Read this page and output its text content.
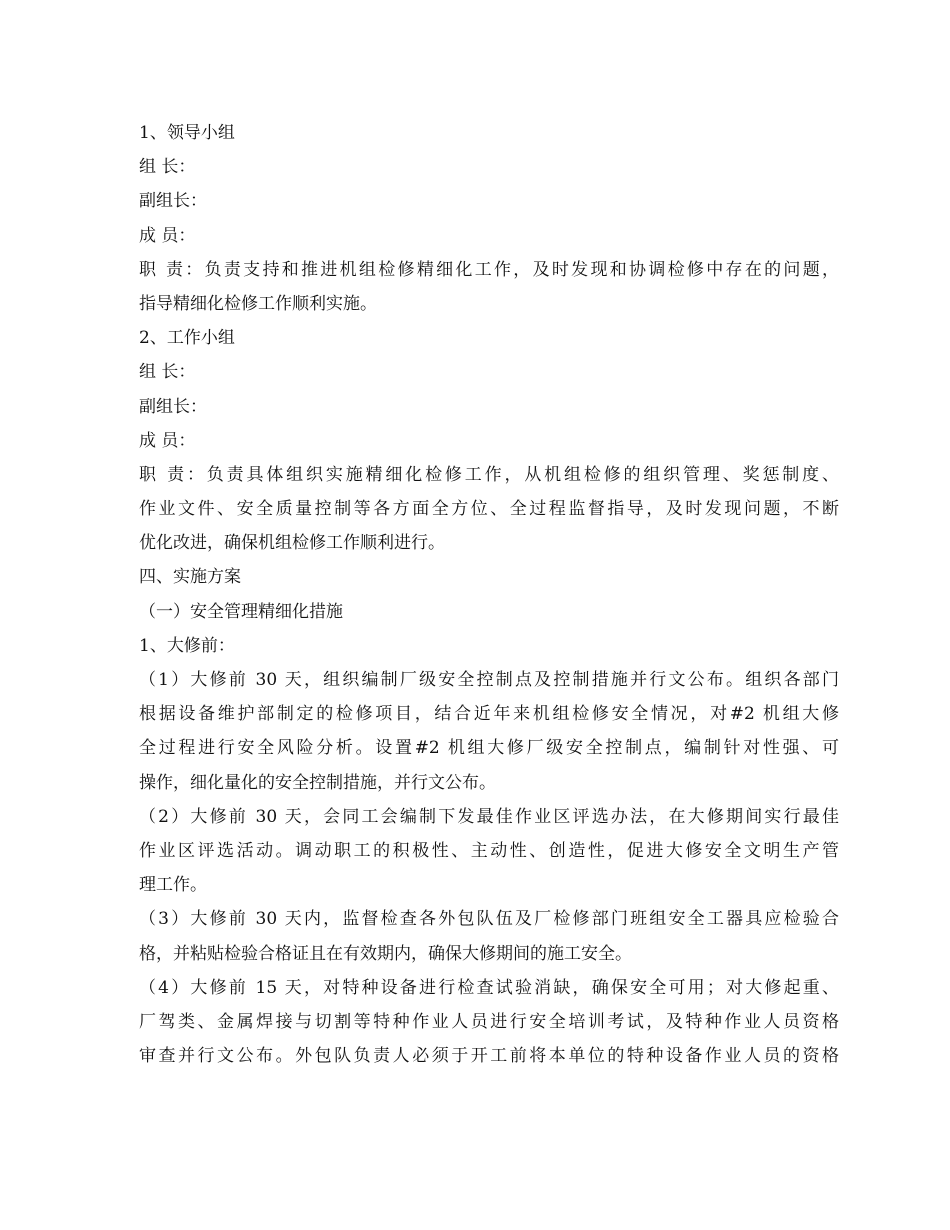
1、领导小组
组 长：
副组长：
成 员：
职 责：负责支持和推进机组检修精细化工作，及时发现和协调检修中存在的问题，
指导精细化检修工作顺利实施。
2、工作小组
组 长：
副组长：
成 员：
职 责：负责具体组织实施精细化检修工作，从机组检修的组织管理、奖惩制度、
作业文件、安全质量控制等各方面全方位、全过程监督指导，及时发现问题，不断
优化改进，确保机组检修工作顺利进行。
四、实施方案
（一）安全管理精细化措施
1、大修前：
（1）大修前 30 天，组织编制厂级安全控制点及控制措施并行文公布。组织各部门
根据设备维护部制定的检修项目，结合近年来机组检修安全情况，对#2 机组大修
全过程进行安全风险分析。设置#2 机组大修厂级安全控制点，编制针对性强、可
操作，细化量化的安全控制措施，并行文公布。
（2）大修前 30 天，会同工会编制下发最佳作业区评选办法，在大修期间实行最佳
作业区评选活动。调动职工的积极性、主动性、创造性，促进大修安全文明生产管
理工作。
（3）大修前 30 天内，监督检查各外包队伍及厂检修部门班组安全工器具应检验合
格，并粘贴检验合格证且在有效期内，确保大修期间的施工安全。
（4）大修前 15 天，对特种设备进行检查试验消缺，确保安全可用；对大修起重、
厂驾类、金属焊接与切割等特种作业人员进行安全培训考试，及特种作业人员资格
审查并行文公布。外包队负责人必须于开工前将本单位的特种设备作业人员的资格
